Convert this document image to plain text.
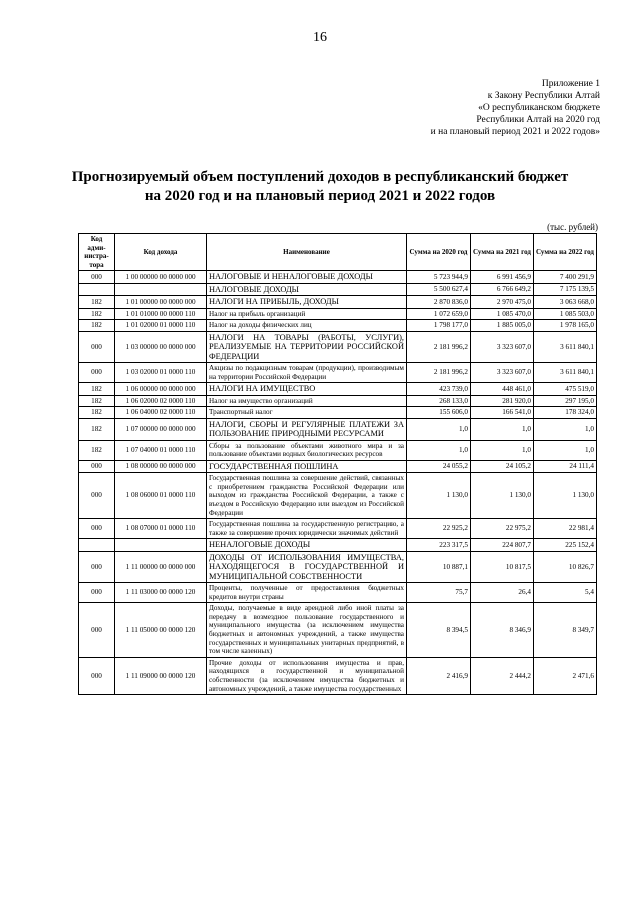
16
Приложение 1
к Закону Республики Алтай
«О республиканском бюджете
Республики Алтай на 2020 год
и на плановый период 2021 и 2022 годов»
Прогнозируемый объем поступлений доходов в республиканский бюджет
на 2020 год и на плановый период 2021 и 2022 годов
(тыс. рублей)
Код адми-нистра-тора	Код дохода	Наименование	Сумма на 2020 год	Сумма на 2021 год	Сумма на 2022 год
000	1 00 00000 00 0000 000	НАЛОГОВЫЕ И НЕНАЛОГОВЫЕ ДОХОДЫ	5 723 944,9	6 991 456,9	7 400 291,9
		НАЛОГОВЫЕ ДОХОДЫ	5 500 627,4	6 766 649,2	7 175 139,5
182	1 01 00000 00 0000 000	НАЛОГИ НА ПРИБЫЛЬ, ДОХОДЫ	2 870 836,0	2 970 475,0	3 063 668,0
182	1 01 01000 00 0000 110	Налог на прибыль организаций	1 072 659,0	1 085 470,0	1 085 503,0
182	1 01 02000 01 0000 110	Налог на доходы физических лиц	1 798 177,0	1 885 005,0	1 978 165,0
000	1 03 00000 00 0000 000	НАЛОГИ НА ТОВАРЫ (РАБОТЫ, УСЛУГИ), РЕАЛИЗУЕМЫЕ НА ТЕРРИТОРИИ РОССИЙСКОЙ ФЕДЕРАЦИИ	2 181 996,2	3 323 607,0	3 611 840,1
000	1 03 02000 01 0000 110	Акцизы по подакцизным товарам (продукции), производимым на территории Российской Федерации	2 181 996,2	3 323 607,0	3 611 840,1
182	1 06 00000 00 0000 000	НАЛОГИ НА ИМУЩЕСТВО	423 739,0	448 461,0	475 519,0
182	1 06 02000 02 0000 110	Налог на имущество организаций	268 133,0	281 920,0	297 195,0
182	1 06 04000 02 0000 110	Транспортный налог	155 606,0	166 541,0	178 324,0
182	1 07 00000 00 0000 000	НАЛОГИ, СБОРЫ И РЕГУЛЯРНЫЕ ПЛАТЕЖИ ЗА ПОЛЬЗОВАНИЕ ПРИРОДНЫМИ РЕСУРСАМИ	1,0	1,0	1,0
182	1 07 04000 01 0000 110	Сборы за пользование объектами животного мира и за пользование объектами водных биологических ресурсов	1,0	1,0	1,0
000	1 08 00000 00 0000 000	ГОСУДАРСТВЕННАЯ ПОШЛИНА	24 055,2	24 105,2	24 111,4
000	1 08 06000 01 0000 110	Государственная пошлина за совершение действий, связанных с приобретением гражданства Российской Федерации или выходом из гражданства Российской Федерации, а также с въездом в Российскую Федерацию или выездом из Российской Федерации	1 130,0	1 130,0	1 130,0
000	1 08 07000 01 0000 110	Государственная пошлина за государственную регистрацию, а также за совершение прочих юридически значимых действий	22 925,2	22 975,2	22 981,4
		НЕНАЛОГОВЫЕ ДОХОДЫ	223 317,5	224 807,7	225 152,4
000	1 11 00000 00 0000 000	ДОХОДЫ ОТ ИСПОЛЬЗОВАНИЯ ИМУЩЕСТВА, НАХОДЯЩЕГОСЯ В ГОСУДАРСТВЕННОЙ И МУНИЦИПАЛЬНОЙ СОБСТВЕННОСТИ	10 887,1	10 817,5	10 826,7
000	1 11 03000 00 0000 120	Проценты, полученные от предоставления бюджетных кредитов внутри страны	75,7	26,4	5,4
000	1 11 05000 00 0000 120	Доходы, получаемые в виде арендной либо иной платы за передачу в возмездное пользование государственного и муниципального имущества (за исключением имущества бюджетных и автономных учреждений, а также имущества государственных и муниципальных унитарных предприятий, в том числе казенных)	8 394,5	8 346,9	8 349,7
000	1 11 09000 00 0000 120	Прочие доходы от использования имущества и прав, находящихся в государственной и муниципальной собственности (за исключением имущества бюджетных и автономных учреждений, а также имущества государственных	2 416,9	2 444,2	2 471,6
